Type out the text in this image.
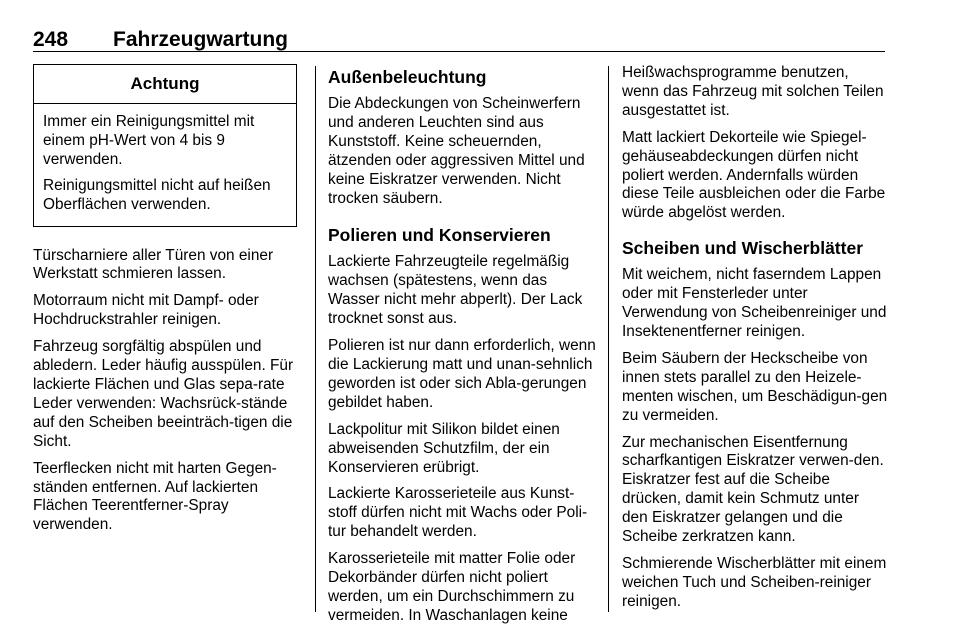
248 Fahrzeugwartung
Achtung

Immer ein Reinigungsmittel mit einem pH-Wert von 4 bis 9 verwenden.

Reinigungsmittel nicht auf heißen Oberflächen verwenden.

Türscharniere aller Türen von einer Werkstatt schmieren lassen.

Motorraum nicht mit Dampf- oder Hochdruckstrahler reinigen.

Fahrzeug sorgfältig abspülen und abledern. Leder häufig ausspülen. Für lackierte Flächen und Glas sepa-rate Leder verwenden: Wachsrück-stände auf den Scheiben beeinträch-tigen die Sicht.

Teerflecken nicht mit harten Gegen-ständen entfernen. Auf lackierten Flächen Teerentferner-Spray verwenden.

Außenbeleuchtung

Die Abdeckungen von Scheinwerfern und anderen Leuchten sind aus Kunststoff. Keine scheuernden, ätzenden oder aggressiven Mittel und keine Eiskratzer verwenden. Nicht trocken säubern.

Polieren und Konservieren

Lackierte Fahrzeugteile regelmäßig wachsen (spätestens, wenn das Wasser nicht mehr abperlt). Der Lack trocknet sonst aus.

Polieren ist nur dann erforderlich, wenn die Lackierung matt und unan-sehnlich geworden ist oder sich Abla-gerungen gebildet haben.

Lackpolitur mit Silikon bildet einen abweisenden Schutzfilm, der ein Konservieren erübrigt.

Lackierte Karosserieteile aus Kunst-stoff dürfen nicht mit Wachs oder Poli-tur behandelt werden.

Karosserieteile mit matter Folie oder Dekorbänder dürfen nicht poliert werden, um ein Durchschimmern zu vermeiden. In Waschanlagen keine

Heißwachsprogramme benutzen, wenn das Fahrzeug mit solchen Teilen ausgestattet ist.

Matt lackiert Dekorteile wie Spiegel-gehäuseabdeckungen dürfen nicht poliert werden. Andernfalls würden diese Teile ausbleichen oder die Farbe würde abgelöst werden.

Scheiben und Wischerblätter

Mit weichem, nicht faserndem Lappen oder mit Fensterleder unter Verwendung von Scheibenreiniger und Insektenentferner reinigen.

Beim Säubern der Heckscheibe von innen stets parallel zu den Heizele-menten wischen, um Beschädigun-gen zu vermeiden.

Zur mechanischen Eisentfernung scharfkantigen Eiskratzer verwen-den. Eiskratzer fest auf die Scheibe drücken, damit kein Schmutz unter den Eiskratzer gelangen und die Scheibe zerkratzen kann.

Schmierende Wischerblätter mit einem weichen Tuch und Scheiben-reiniger reinigen.
